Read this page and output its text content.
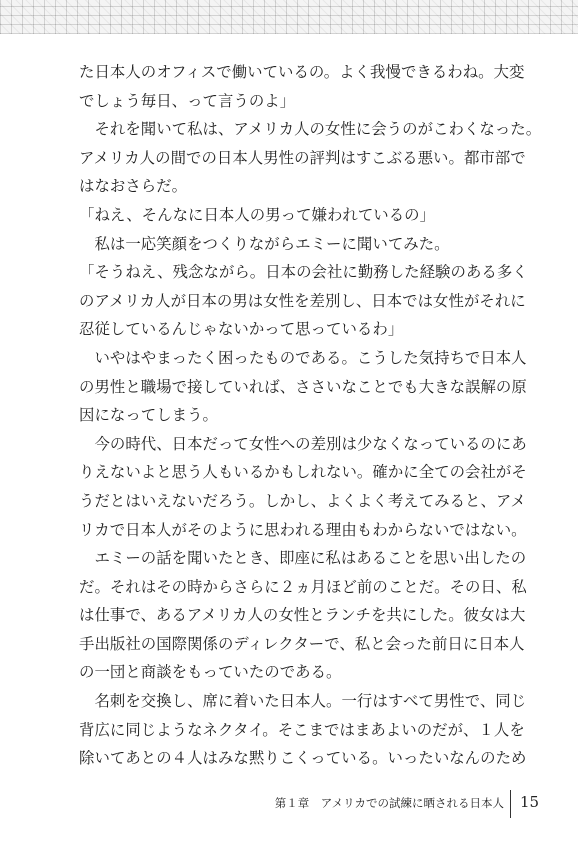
た日本人のオフィスで働いているの。よく我慢できるわね。大変
でしょう毎日、って言うのよ」
　それを聞いて私は、アメリカ人の女性に会うのがこわくなった。
アメリカ人の間での日本人男性の評判はすこぶる悪い。都市部で
はなおさらだ。
「ねえ、そんなに日本人の男って嫌われているの」
　私は一応笑顔をつくりながらエミーに聞いてみた。
「そうねえ、残念ながら。日本の会社に勤務した経験のある多く
のアメリカ人が日本の男は女性を差別し、日本では女性がそれに
忍従しているんじゃないかって思っているわ」
　いやはやまったく困ったものである。こうした気持ちで日本人
の男性と職場で接していれば、ささいなことでも大きな誤解の原
因になってしまう。
　今の時代、日本だって女性への差別は少なくなっているのにあ
りえないよと思う人もいるかもしれない。確かに全ての会社がそ
うだとはいえないだろう。しかし、よくよく考えてみると、アメ
リカで日本人がそのように思われる理由もわからないではない。
　エミーの話を聞いたとき、即座に私はあることを思い出したの
だ。それはその時からさらに２ヵ月ほど前のことだ。その日、私
は仕事で、あるアメリカ人の女性とランチを共にした。彼女は大
手出版社の国際関係のディレクターで、私と会った前日に日本人
の一団と商談をもっていたのである。
　名刺を交換し、席に着いた日本人。一行はすべて男性で、同じ
背広に同じようなネクタイ。そこまではまあよいのだが、１人を
除いてあとの４人はみな黙りこくっている。いったいなんのため
第１章　アメリカでの試練に晒される日本人 15
